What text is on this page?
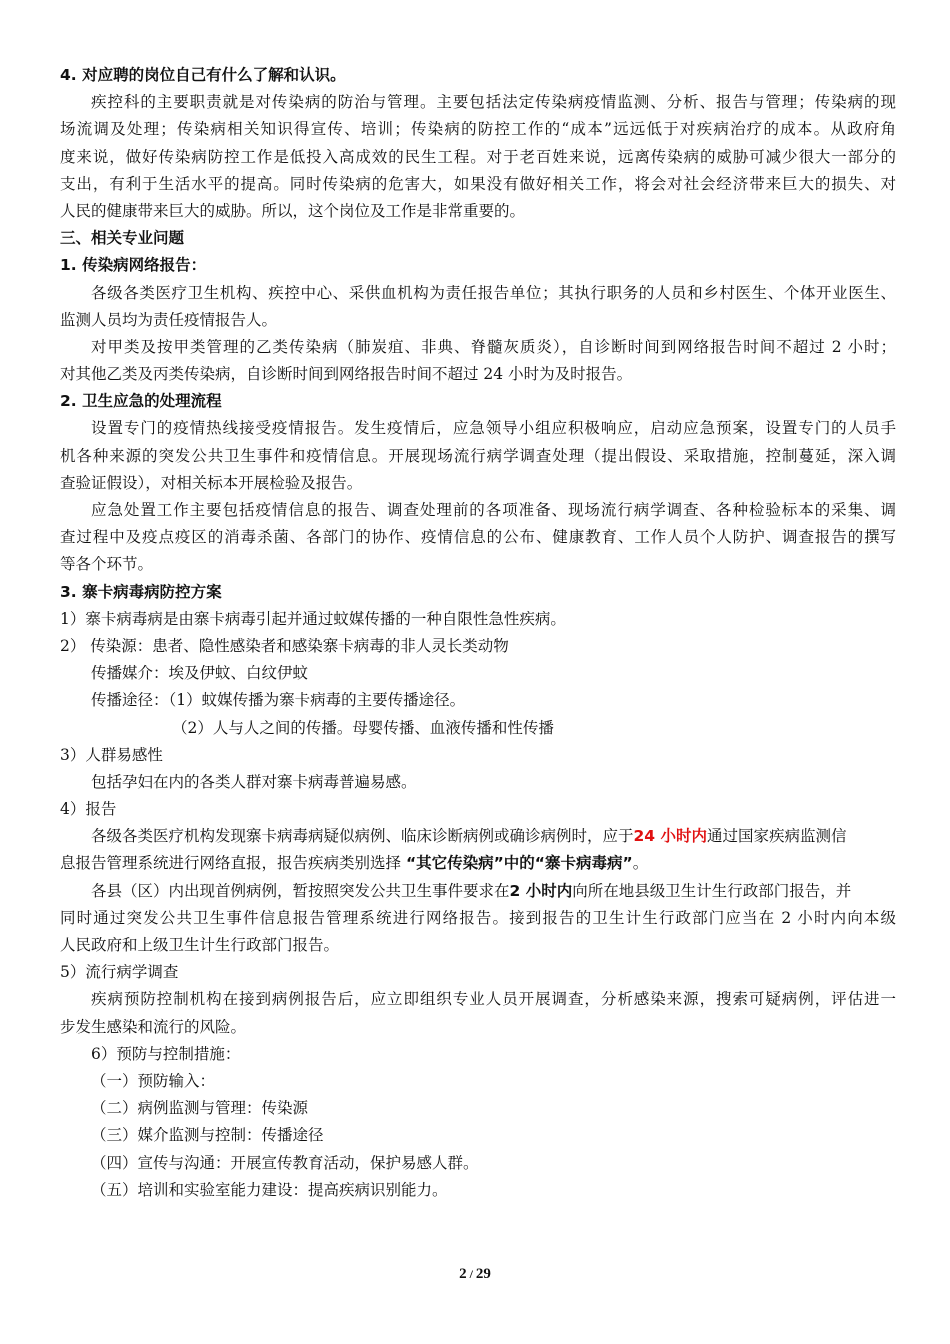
4. 对应聘的岗位自己有什么了解和认识。
疾控科的主要职责就是对传染病的防治与管理。主要包括法定传染病疫情监测、分析、报告与管理；传染病的现
场流调及处理；传染病相关知识得宣传、培训；传染病的防控工作的“成本”远远低于对疾病治疗的成本。从政府角
度来说，做好传染病防控工作是低投入高成效的民生工程。对于老百姓来说，远离传染病的威胁可减少很大一部分的
支出，有利于生活水平的提高。同时传染病的危害大，如果没有做好相关工作，将会对社会经济带来巨大的损失、对
人民的健康带来巨大的威胁。所以，这个岗位及工作是非常重要的。
三、相关专业问题
1. 传染病网络报告：
各级各类医疗卫生机构、疾控中心、采供血机构为责任报告单位；其执行职务的人员和乡村医生、个体开业医生、
监测人员均为责任疫情报告人。
对甲类及按甲类管理的乙类传染病（肺炭疽、非典、脊髓灰质炎），自诊断时间到网络报告时间不超过 2 小时；
对其他乙类及丙类传染病，自诊断时间到网络报告时间不超过 24 小时为及时报告。
2. 卫生应急的处理流程
设置专门的疫情热线接受疫情报告。发生疫情后，应急领导小组应积极响应，启动应急预案，设置专门的人员手
机各种来源的突发公共卫生事件和疫情信息。开展现场流行病学调查处理（提出假设、采取措施，控制蔓延，深入调
查验证假设），对相关标本开展检验及报告。
应急处置工作主要包括疫情信息的报告、调查处理前的各项准备、现场流行病学调查、各种检验标本的采集、调
查过程中及疫点疫区的消毒杀菌、各部门的协作、疫情信息的公布、健康教育、工作人员个人防护、调查报告的撰写
等各个环节。
3. 寨卡病毒病防控方案
1）寨卡病毒病是由寨卡病毒引起并通过蚊媒传播的一种自限性急性疾病。
2） 传染源：患者、隐性感染者和感染寨卡病毒的非人灵长类动物
传播媒介：埃及伊蚊、白纹伊蚊
传播途径：（1）蚊媒传播为寨卡病毒的主要传播途径。
（2）人与人之间的传播。母婴传播、血液传播和性传播
3）人群易感性
包括孕妇在内的各类人群对寨卡病毒普遍易感。
4）报告
各级各类医疗机构发现寨卡病毒病疑似病例、临床诊断病例或确诊病例时，应于24 小时内通过国家疾病监测信
息报告管理系统进行网络直报，报告疾病类别选择 “其它传染病”中的“寨卡病毒病”。
各县（区）内出现首例病例，暂按照突发公共卫生事件要求在2 小时内向所在地县级卫生计生行政部门报告，并
同时通过突发公共卫生事件信息报告管理系统进行网络报告。接到报告的卫生计生行政部门应当在 2 小时内向本级
人民政府和上级卫生计生行政部门报告。
5）流行病学调查
疾病预防控制机构在接到病例报告后，应立即组织专业人员开展调查，分析感染来源，搜索可疑病例，评估进一
步发生感染和流行的风险。
6）预防与控制措施：
（一）预防输入：
（二）病例监测与管理：传染源
（三）媒介监测与控制：传播途径
（四）宣传与沟通：开展宣传教育活动，保护易感人群。
（五）培训和实验室能力建设：提高疾病识别能力。
2 / 29
